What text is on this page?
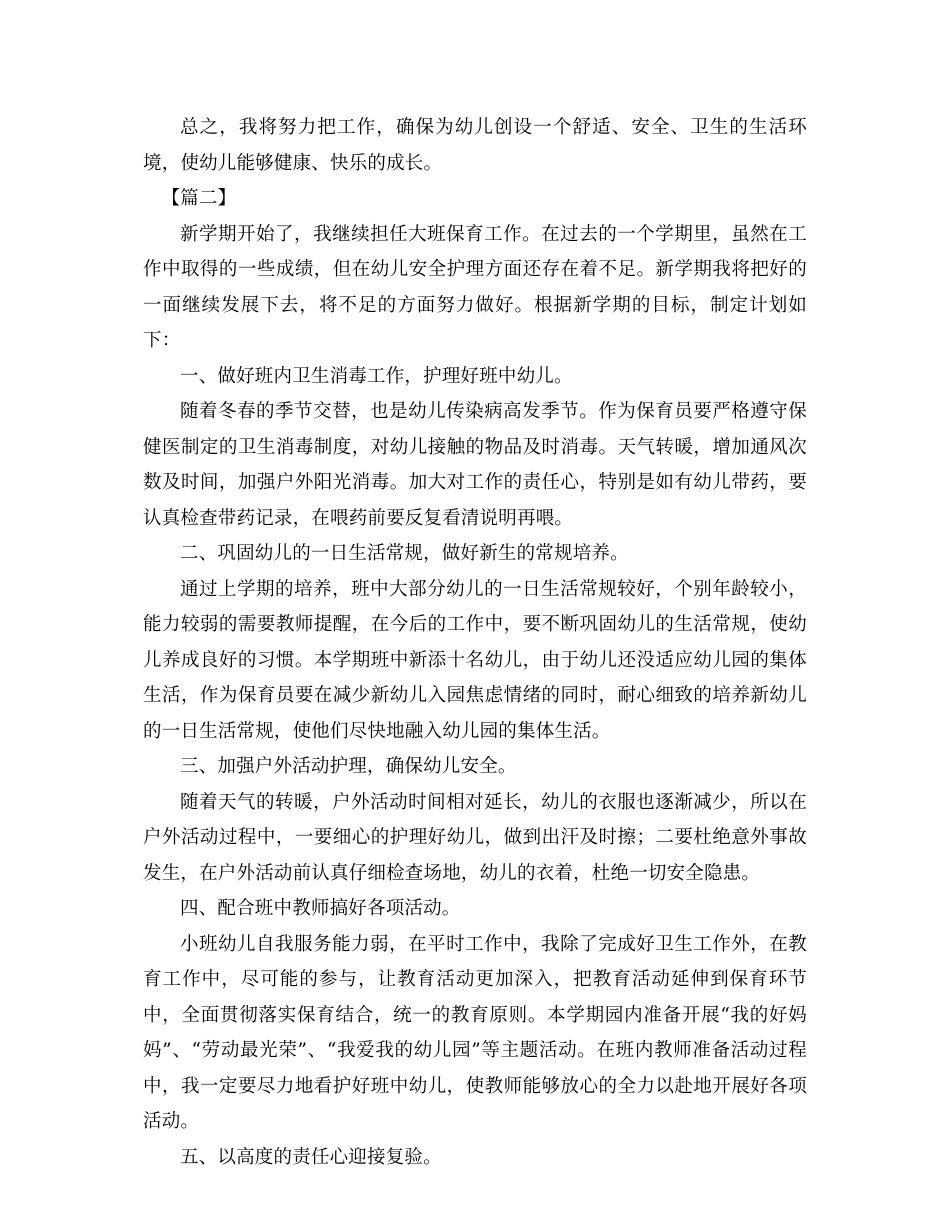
总之，我将努力把工作，确保为幼儿创设一个舒适、安全、卫生的生活环境，使幼儿能够健康、快乐的成长。

【篇二】

新学期开始了，我继续担任大班保育工作。在过去的一个学期里，虽然在工作中取得的一些成绩，但在幼儿安全护理方面还存在着不足。新学期我将把好的一面继续发展下去，将不足的方面努力做好。根据新学期的目标，制定计划如下：

一、做好班内卫生消毒工作，护理好班中幼儿。

随着冬春的季节交替，也是幼儿传染病高发季节。作为保育员要严格遵守保健医制定的卫生消毒制度，对幼儿接触的物品及时消毒。天气转暖，增加通风次数及时间，加强户外阳光消毒。加大对工作的责任心，特别是如有幼儿带药，要认真检查带药记录，在喂药前要反复看清说明再喂。

二、巩固幼儿的一日生活常规，做好新生的常规培养。

通过上学期的培养，班中大部分幼儿的一日生活常规较好，个别年龄较小，能力较弱的需要教师提醒，在今后的工作中，要不断巩固幼儿的生活常规，使幼儿养成良好的习惯。本学期班中新添十名幼儿，由于幼儿还没适应幼儿园的集体生活，作为保育员要在减少新幼儿入园焦虑情绪的同时，耐心细致的培养新幼儿的一日生活常规，使他们尽快地融入幼儿园的集体生活。

三、加强户外活动护理，确保幼儿安全。

随着天气的转暖，户外活动时间相对延长，幼儿的衣服也逐渐减少，所以在户外活动过程中，一要细心的护理好幼儿，做到出汗及时擦；二要杜绝意外事故发生，在户外活动前认真仔细检查场地，幼儿的衣着，杜绝一切安全隐患。

四、配合班中教师搞好各项活动。

小班幼儿自我服务能力弱，在平时工作中，我除了完成好卫生工作外，在教育工作中，尽可能的参与，让教育活动更加深入，把教育活动延伸到保育环节中，全面贯彻落实保育结合，统一的教育原则。本学期园内准备开展“我的好妈妈”、“劳动最光荣”、“我爱我的幼儿园”等主题活动。在班内教师准备活动过程中，我一定要尽力地看护好班中幼儿，使教师能够放心的全力以赴地开展好各项活动。

五、以高度的责任心迎接复验。
